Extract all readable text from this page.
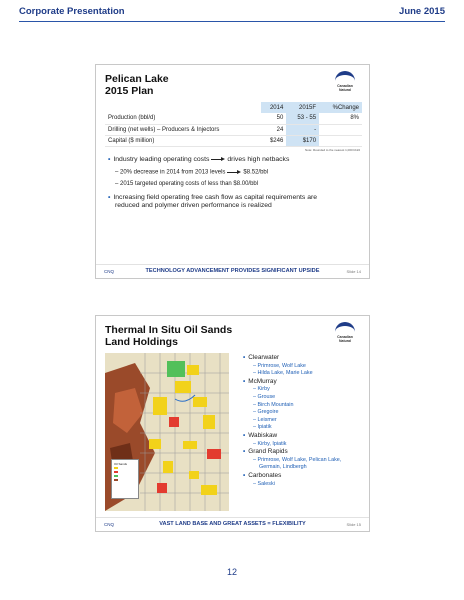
Corporate Presentation	June 2015
Pelican Lake
2015 Plan	Canadian Natural
	2014	2015F	%Change
Production (bbl/d)	50	53 - 55	8%
Drilling (net wells) – Producers & Injectors	24	-	
Capital ($ million)	$246	$170	
Note: Rounded to the nearest 1,000 bbl/d
• Industry leading operating costs	drives high netbacks
– 20% decrease in 2014 from 2013 levels	$8.52/bbl
– 2015 targeted operating costs of less than $8.00/bbl
• Increasing field operating free cash flow as capital requirements are
reduced and polymer driven performance is realized
CNQ	TECHNOLOGY ADVANCEMENT PROVIDES SIGNIFICANT UPSIDE	Slide 14
Thermal In Situ Oil Sands
Land Holdings	Canadian Natural
Oil Sands
• Clearwater
– Primrose, Wolf Lake
– Hilda Lake, Marie Lake
• McMurray
– Kirby
– Grouse
– Birch Mountain
– Gregoire
– Leismer
– Ipiatik
• Wabiskaw
– Kirby, Ipiatik
• Grand Rapids
– Primrose, Wolf Lake, Pelican Lake,
Germain, Lindbergh
• Carbonates
– Saleski
CNQ	VAST LAND BASE AND GREAT ASSETS = FLEXIBILITY	Slide 15
12
